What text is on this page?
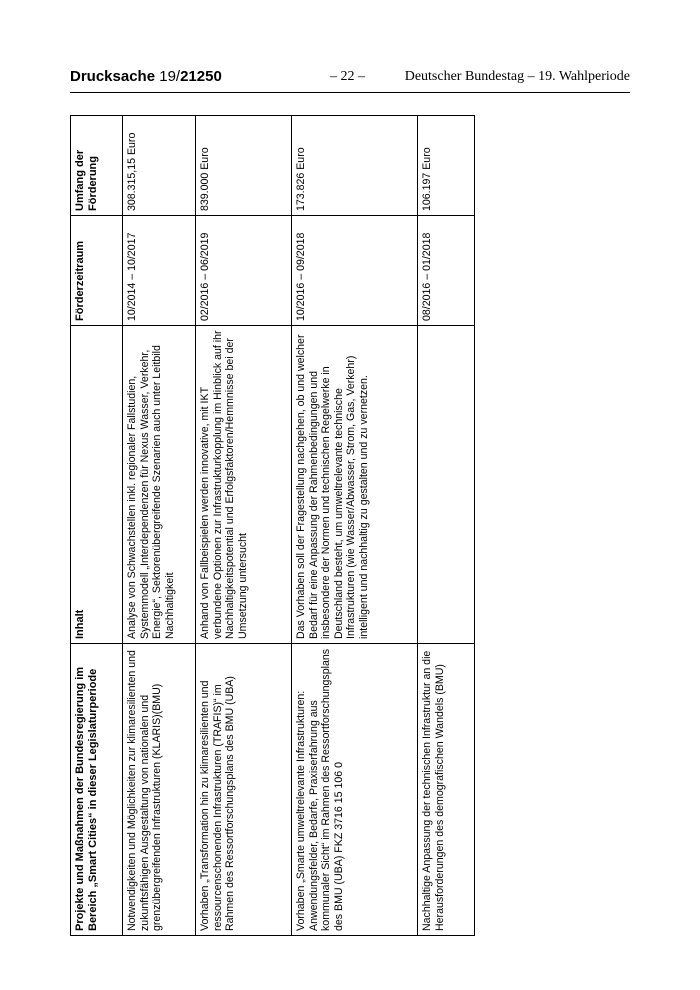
Drucksache 19/21250	– 22 –	Deutscher Bundestag – 19. Wahlperiode
Projekte und Maßnahmen der Bundesregierung im Bereich „Smart Cities“ in dieser Legislaturperiode	Inhalt	Förderzeitraum	Umfang der Förderung
Notwendigkeiten und Möglichkeiten zur klimaresilienten und zukunftsfähigen Ausgestaltung von nationalen und grenzübergreifenden Infrastrukturen (KLARIS)(BMU)	Analyse von Schwachstellen inkl. regionaler Fallstudien, Systemmodell „Interdependenzen für Nexus Wasser, Verkehr, Energie“, Sektorenübergreifende Szenarien auch unter Leitbild Nachhaltigkeit	10/2014 – 10/2017	308.315,15 Euro
Vorhaben „Transformation hin zu klimaresilienten und ressourcenschonenden Infrastrukturen (TRAFIS)“ im Rahmen des Ressortforschungsplans des BMU (UBA)	Anhand von Fallbeispielen werden innovative, mit IKT verbundene Optionen zur Infrastrukturkopplung im Hinblick auf ihr Nachhaltigkeitspotential und Erfolgsfaktoren/Hemmnisse bei der Umsetzung untersucht	02/2016 – 06/2019	839.000 Euro
Vorhaben „Smarte umweltrelevante Infrastrukturen: Anwendungsfelder, Bedarfe, Praxiserfahrung aus kommunaler Sicht“ im Rahmen des Ressortforschungsplans des BMU (UBA) FKZ 3716 15 106 0	Das Vorhaben soll der Fragestellung nachgehen, ob und welcher Bedarf für eine Anpassung der Rahmenbedingungen und insbesondere der Normen und technischen Regelwerke in Deutschland besteht, um umweltrelevante technische Infrastrukturen (wie Wasser/Abwasser, Strom, Gas, Verkehr) intelligent und nachhaltig zu gestalten und zu vernetzen.	10/2016 – 09/2018	173.826 Euro
Nachhaltige Anpassung der technischen Infrastruktur an die Herausforderungen des demografischen Wandels (BMU)		08/2016 – 01/2018	106.197 Euro
